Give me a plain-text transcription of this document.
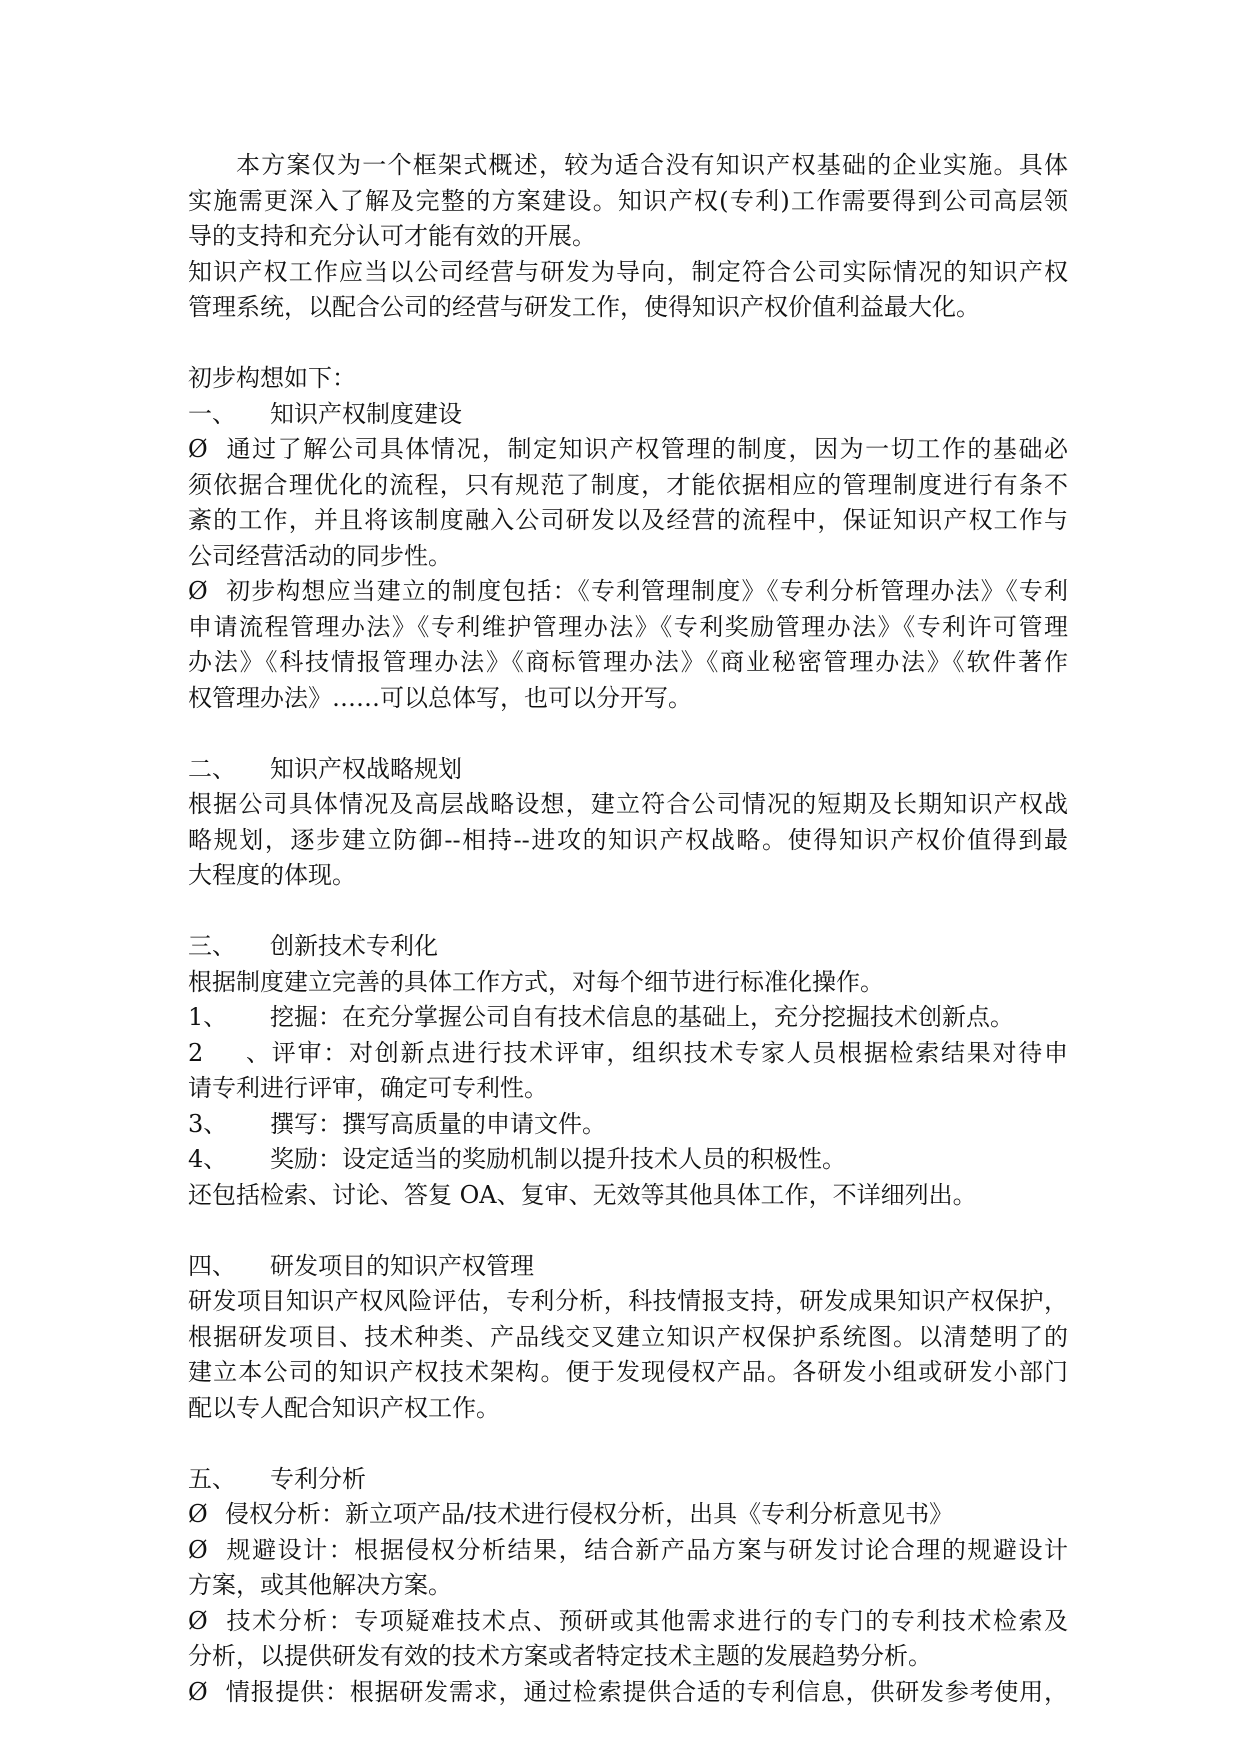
本方案仅为一个框架式概述，较为适合没有知识产权基础的企业实施。具体
实施需更深入了解及完整的方案建设。知识产权(专利)工作需要得到公司高层领
导的支持和充分认可才能有效的开展。
知识产权工作应当以公司经营与研发为导向，制定符合公司实际情况的知识产权
管理系统，以配合公司的经营与研发工作，使得知识产权价值利益最大化。
初步构想如下：
一、 知识产权制度建设
Ø 通过了解公司具体情况，制定知识产权管理的制度，因为一切工作的基础必
须依据合理优化的流程，只有规范了制度，才能依据相应的管理制度进行有条不
紊的工作，并且将该制度融入公司研发以及经营的流程中，保证知识产权工作与
公司经营活动的同步性。
Ø 初步构想应当建立的制度包括：《专利管理制度》《专利分析管理办法》《专利
申请流程管理办法》《专利维护管理办法》《专利奖励管理办法》《专利许可管理
办法》《科技情报管理办法》《商标管理办法》《商业秘密管理办法》《软件著作
权管理办法》……可以总体写，也可以分开写。
二、 知识产权战略规划
根据公司具体情况及高层战略设想，建立符合公司情况的短期及长期知识产权战
略规划，逐步建立防御--相持--进攻的知识产权战略。使得知识产权价值得到最
大程度的体现。
三、 创新技术专利化
根据制度建立完善的具体工作方式，对每个细节进行标准化操作。
1、 挖掘：在充分掌握公司自有技术信息的基础上，充分挖掘技术创新点。
2、评审：对创新点进行技术评审，组织技术专家人员根据检索结果对待申
请专利进行评审，确定可专利性。
3、 撰写：撰写高质量的申请文件。
4、 奖励：设定适当的奖励机制以提升技术人员的积极性。
还包括检索、讨论、答复 OA、复审、无效等其他具体工作，不详细列出。
四、 研发项目的知识产权管理
研发项目知识产权风险评估，专利分析，科技情报支持，研发成果知识产权保护，
根据研发项目、技术种类、产品线交叉建立知识产权保护系统图。以清楚明了的
建立本公司的知识产权技术架构。便于发现侵权产品。各研发小组或研发小部门
配以专人配合知识产权工作。
五、 专利分析
Ø 侵权分析：新立项产品/技术进行侵权分析，出具《专利分析意见书》
Ø 规避设计：根据侵权分析结果，结合新产品方案与研发讨论合理的规避设计
方案，或其他解决方案。
Ø 技术分析：专项疑难技术点、预研或其他需求进行的专门的专利技术检索及
分析，以提供研发有效的技术方案或者特定技术主题的发展趋势分析。
Ø 情报提供：根据研发需求，通过检索提供合适的专利信息，供研发参考使用，
